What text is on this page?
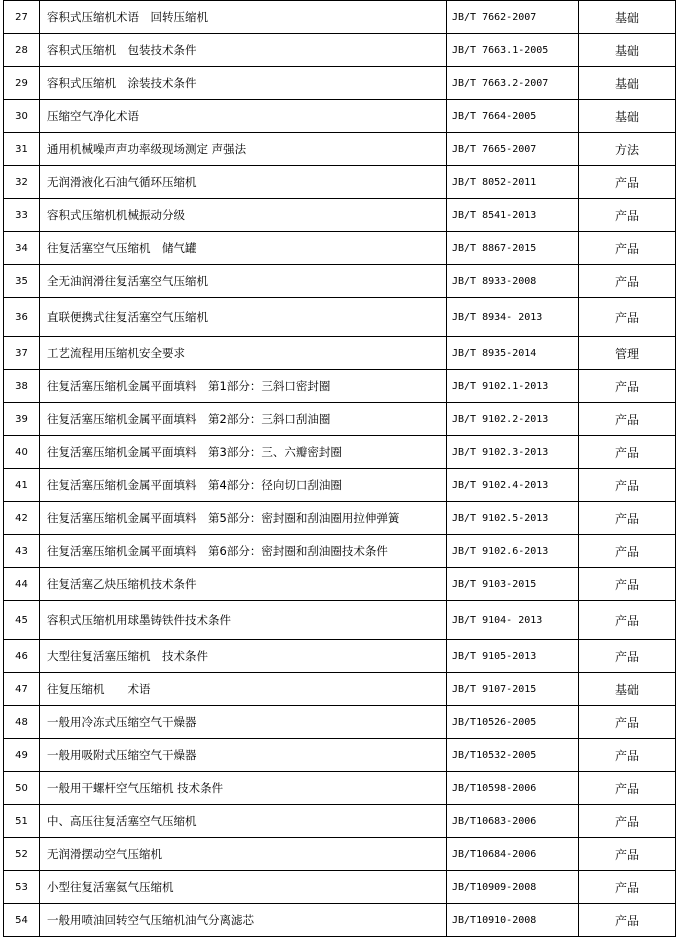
27	容积式压缩机术语　回转压缩机	JB/T 7662-2007	基础
28	容积式压缩机　包装技术条件	JB/T 7663.1-2005	基础
29	容积式压缩机　涂装技术条件	JB/T 7663.2-2007	基础
30	压缩空气净化术语	JB/T 7664-2005	基础
31	通用机械噪声声功率级现场测定 声强法	JB/T 7665-2007	方法
32	无润滑液化石油气循环压缩机	JB/T 8052-2011	产品
33	容积式压缩机机械振动分级	JB/T 8541-2013	产品
34	往复活塞空气压缩机　储气罐	JB/T 8867-2015	产品
35	全无油润滑往复活塞空气压缩机	JB/T 8933-2008	产品
36	直联便携式往复活塞空气压缩机	JB/T 8934- 2013	产品
37	工艺流程用压缩机安全要求	JB/T 8935-2014	管理
38	往复活塞压缩机金属平面填料　第1部分：三斜口密封圈	JB/T 9102.1-2013	产品
39	往复活塞压缩机金属平面填料　第2部分：三斜口刮油圈	JB/T 9102.2-2013	产品
40	往复活塞压缩机金属平面填料　第3部分：三、六瓣密封圈	JB/T 9102.3-2013	产品
41	往复活塞压缩机金属平面填料　第4部分：径向切口刮油圈	JB/T 9102.4-2013	产品
42	往复活塞压缩机金属平面填料　第5部分：密封圈和刮油圈用拉伸弹簧	JB/T 9102.5-2013	产品
43	往复活塞压缩机金属平面填料　第6部分：密封圈和刮油圈技术条件	JB/T 9102.6-2013	产品
44	往复活塞乙炔压缩机技术条件	JB/T 9103-2015	产品
45	容积式压缩机用球墨铸铁件技术条件	JB/T 9104- 2013	产品
46	大型往复活塞压缩机　技术条件	JB/T 9105-2013	产品
47	往复压缩机　　术语	JB/T 9107-2015	基础
48	一般用冷冻式压缩空气干燥器	JB/T10526-2005	产品
49	一般用吸附式压缩空气干燥器	JB/T10532-2005	产品
50	一般用干螺杆空气压缩机 技术条件	JB/T10598-2006	产品
51	中、高压往复活塞空气压缩机	JB/T10683-2006	产品
52	无润滑摆动空气压缩机	JB/T10684-2006	产品
53	小型往复活塞氦气压缩机	JB/T10909-2008	产品
54	一般用喷油回转空气压缩机油气分离滤芯	JB/T10910-2008	产品
